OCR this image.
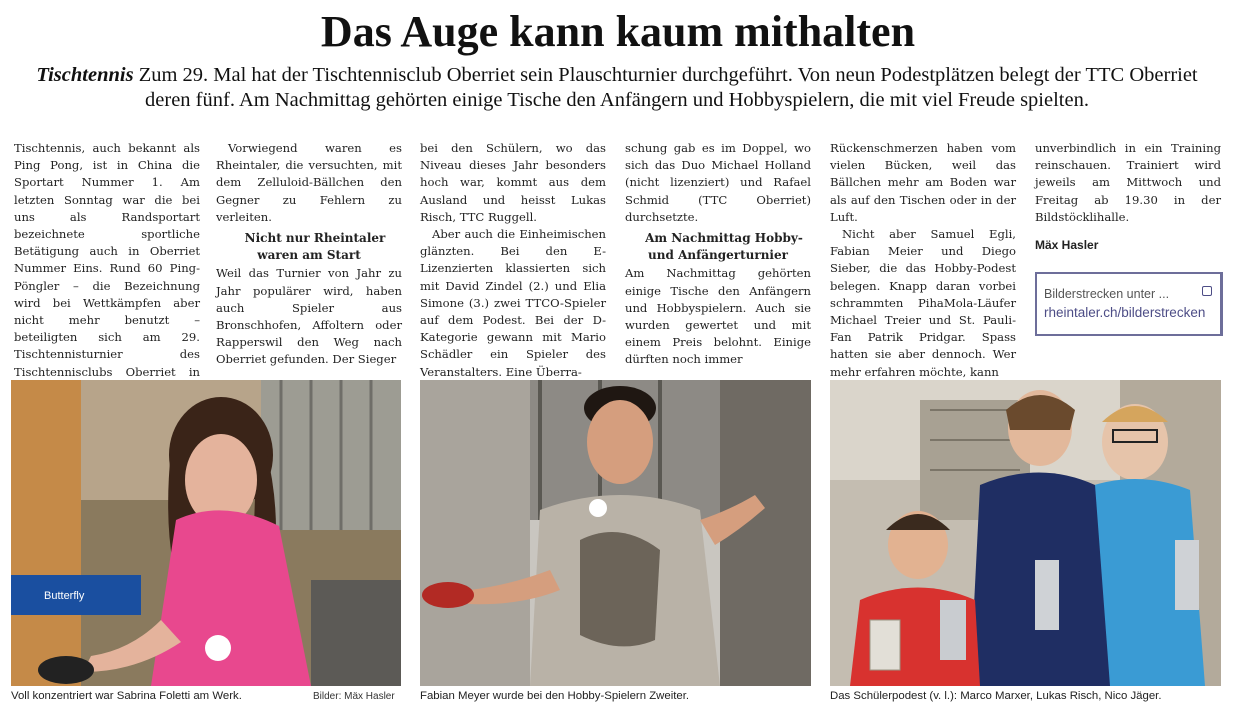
Das Auge kann kaum mithalten
Tischtennis Zum 29. Mal hat der Tischtennisclub Oberriet sein Plauschturnier durchgeführt. Von neun Podestplätzen belegt der TTC Oberriet deren fünf. Am Nachmittag gehörten einige Tische den Anfängern und Hobbyspielern, die mit viel Freude spielten.

Tischtennis, auch bekannt als Ping Pong, ist in China die Sportart Nummer 1. Am letzten Sonntag war die bei uns als Randsportart bezeichnete sportliche Betätigung auch in Oberriet Nummer Eins. Rund 60 Ping-Pöngler – die Bezeichnung wird bei Wettkämpfen aber nicht mehr benutzt – beteiligten sich am 29. Tischtennisturnier des Tischtennisclubs Oberriet in

Vorwiegend waren es Rheintaler, die versuchten, mit dem Zelluloid-Bällchen den Gegner zu Fehlern zu verleiten.

Nicht nur Rheintaler waren am Start

Weil das Turnier von Jahr zu Jahr populärer wird, haben auch Spieler aus Bronschhofen, Affoltern oder Rapperswil den Weg nach Oberriet gefunden. Der Sieger

bei den Schülern, wo das Niveau dieses Jahr besonders hoch war, kommt aus dem Ausland und heisst Lukas Risch, TTC Ruggell.

Aber auch die Einheimischen glänzten. Bei den E-Lizenzierten klassierten sich mit David Zindel (2.) und Elia Simone (3.) zwei TTCO-Spieler auf dem Podest. Bei der D-Kategorie gewann mit Mario Schädler ein Spieler des Veranstalters. Eine Überra-

schung gab es im Doppel, wo sich das Duo Michael Holland (nicht lizenziert) und Rafael Schmid (TTC Oberriet) durchsetzte.

Am Nachmittag Hobby- und Anfängerturnier

Am Nachmittag gehörten einige Tische den Anfängern und Hobbyspielern. Auch sie wurden gewertet und mit einem Preis belohnt. Einige dürften noch immer

Rückenschmerzen haben vom vielen Bücken, weil das Bällchen mehr am Boden war als auf den Tischen oder in der Luft.

Nicht aber Samuel Egli, Fabian Meier und Diego Sieber, die das Hobby-Podest belegen. Knapp daran vorbei schrammten PihaMola-Läufer Michael Treier und St. Pauli-Fan Patrik Pridgar. Spass hatten sie aber dennoch. Wer mehr erfahren möchte, kann

unverbindlich in ein Training reinschauen. Trainiert wird jeweils am Mittwoch und Freitag ab 19.30 in der Bildstöcklihalle.

Mäx Hasler
Bilderstrecken unter ...
rheintaler.ch/bilderstrecken
Butterfly
Voll konzentriert war Sabrina Foletti am Werk.	Bilder: Mäx Hasler Fabian Meyer wurde bei den Hobby-Spielern Zweiter.	Das Schülerpodest (v. l.): Marco Marxer, Lukas Risch, Nico Jäger.
